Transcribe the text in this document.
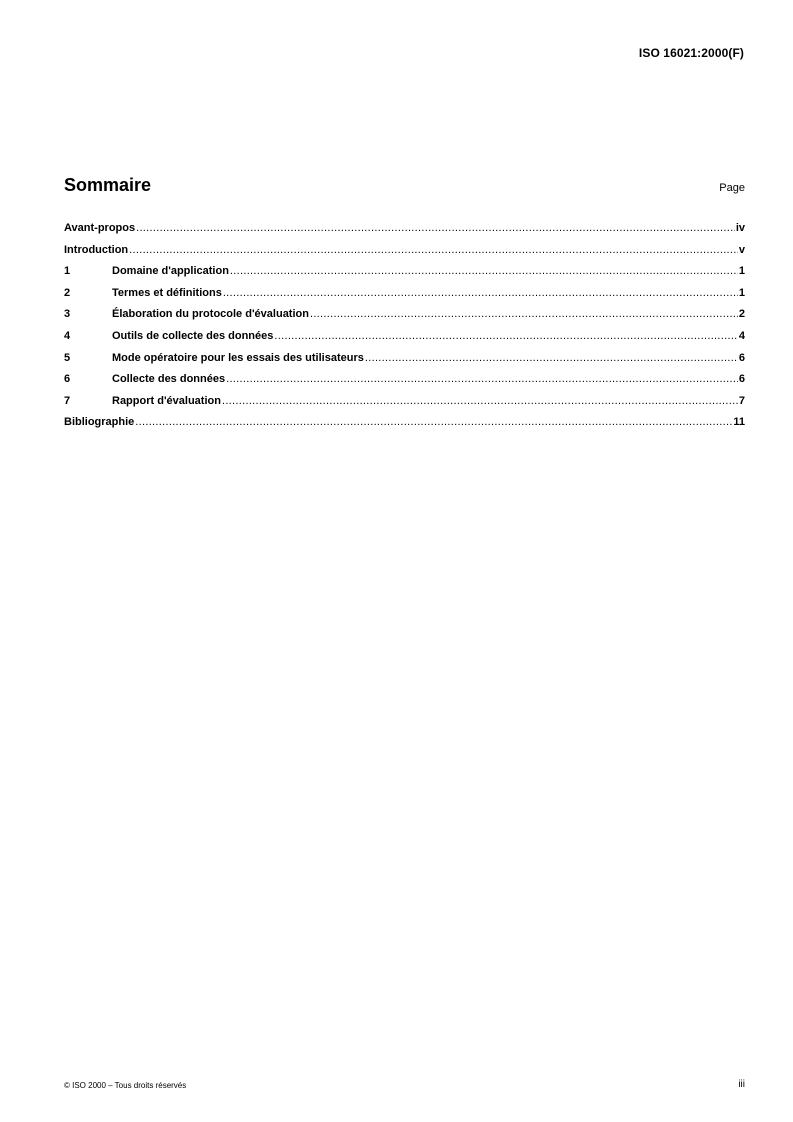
ISO 16021:2000(F)
Sommaire	Page
Avant-propos .....	iv
Introduction .....	v
1	Domaine d'application .....	1
2	Termes et définitions .....	1
3	Élaboration du protocole d'évaluation .....	2
4	Outils de collecte des données .....	4
5	Mode opératoire pour les essais des utilisateurs .....	6
6	Collecte des données .....	6
7	Rapport d'évaluation .....	7
Bibliographie .....	11
© ISO 2000 – Tous droits réservés	iii
